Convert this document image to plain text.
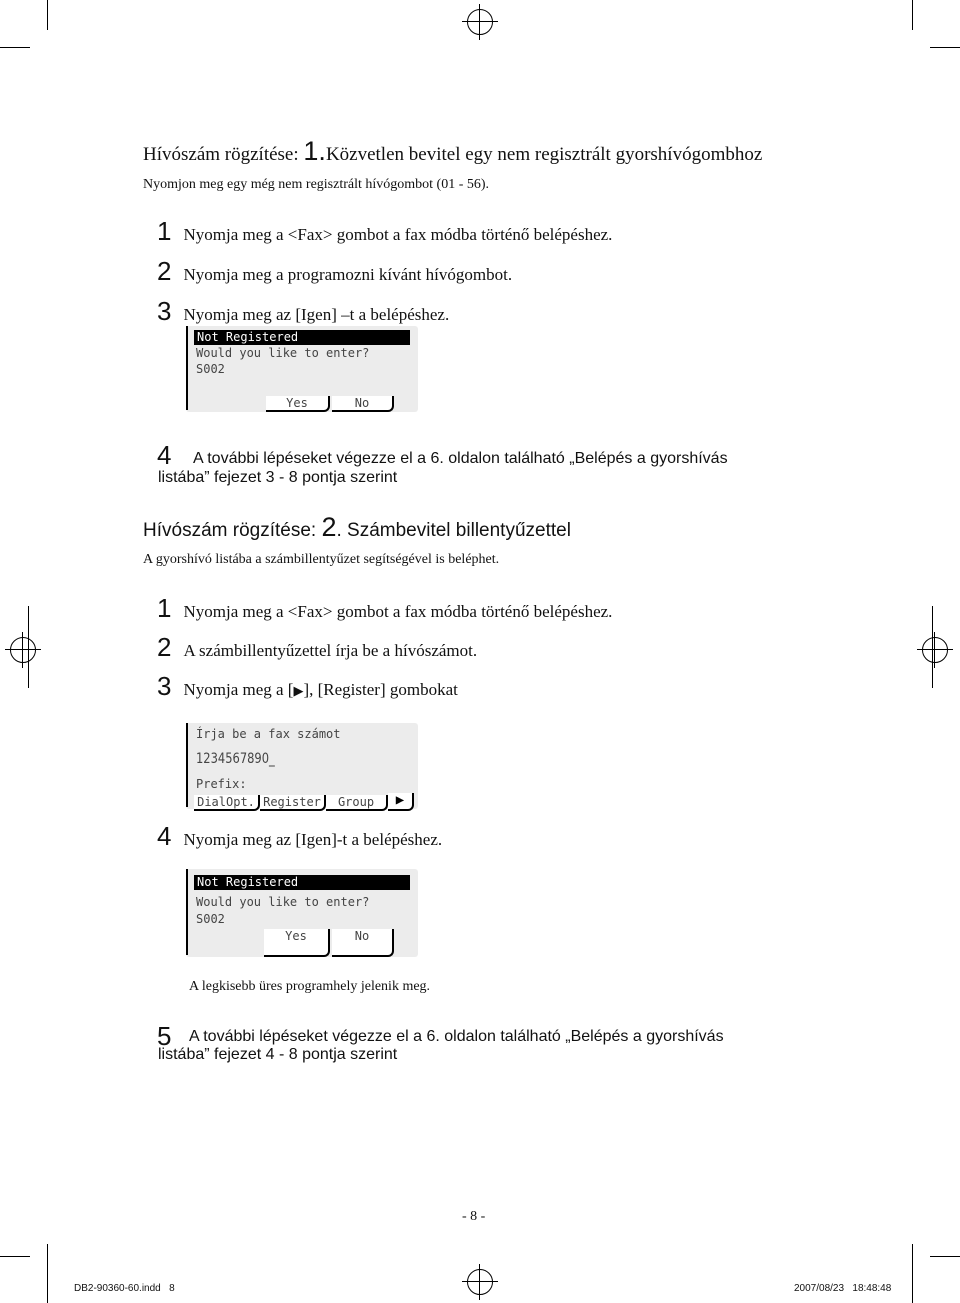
Hívószám rögzítése: 1.Közvetlen bevitel egy nem regisztrált gyorshívógombhoz
Nyomjon meg egy még nem regisztrált hívógombot (01 - 56).
1 Nyomja meg a <Fax> gombot a fax módba történő belépéshez.
2 Nyomja meg a programozni kívánt hívógombot.
3 Nyomja meg az [Igen] –t a belépéshez.
Not Registered
Would you like to enter?
S002
Yes	No
4	A további lépéseket végezze el a 6. oldalon található „Belépés a gyorshívás
listába” fejezet 3 - 8 pontja szerint
Hívószám rögzítése: 2. Számbevitel billentyűzettel
A gyorshívó listába a számbillentyűzet segítségével is beléphet.
1 Nyomja meg a <Fax> gombot a fax módba történő belépéshez.
2 A számbillentyűzettel írja be a hívószámot.
3 Nyomja meg a [▶], [Register] gombokat
Írja be a fax számot
1234567890_
Prefix:
DialOpt. Register	Group	▶
4 Nyomja meg az [Igen]-t a belépéshez.
Not Registered
Would you like to enter?
S002
Yes	No
A legkisebb üres programhely jelenik meg.
5	A további lépéseket végezze el a 6. oldalon található „Belépés a gyorshívás
listába” fejezet 4 - 8 pontja szerint
- 8 -
DB2-90360-60.indd   8	2007/08/23   18:48:48
